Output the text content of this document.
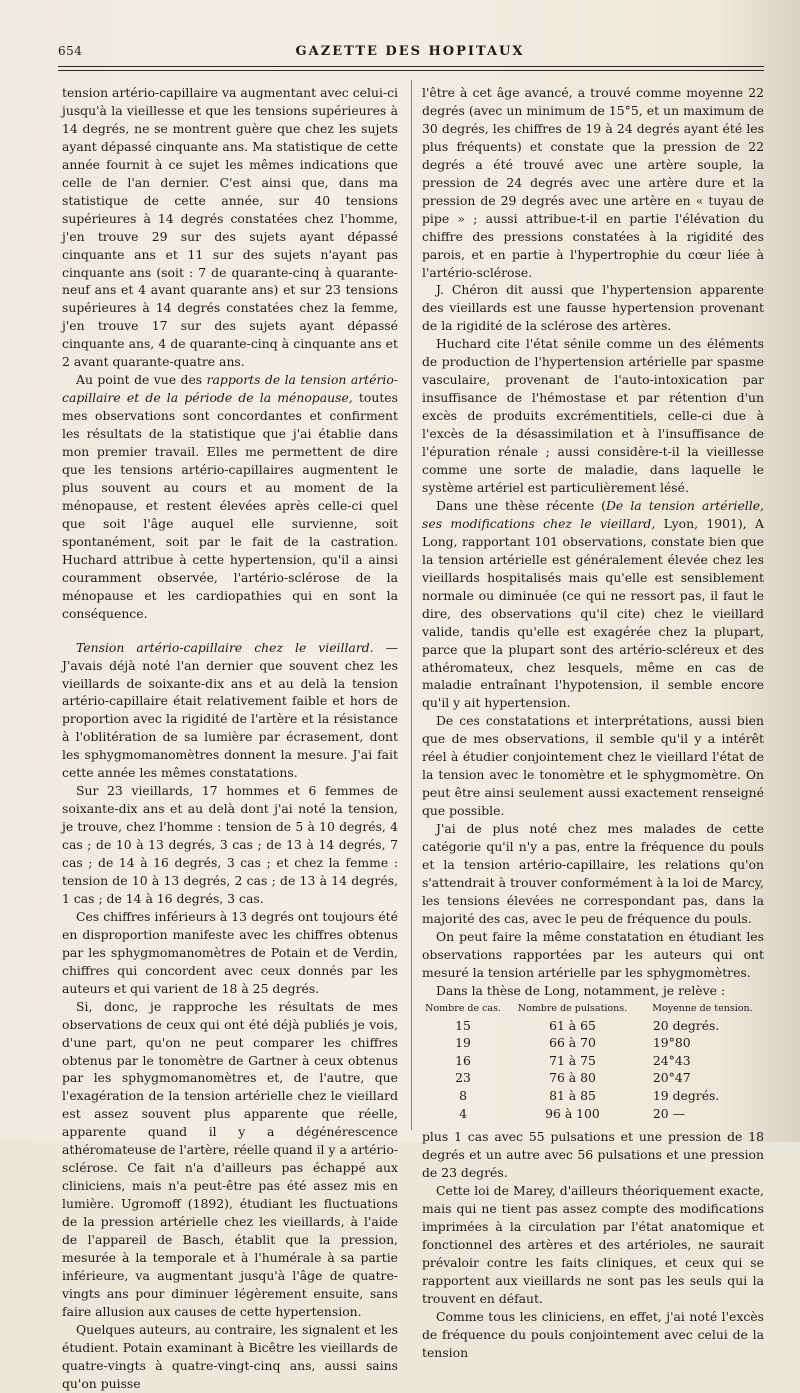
654	GAZETTE DES HOPITAUX

tension artério-capillaire va augmentant avec celui-ci jusqu'à la vieillesse et que les tensions supérieures à 14 degrés, ne se montrent guère que chez les sujets ayant dépassé cinquante ans. Ma statistique de cette année fournit à ce sujet les mêmes indications que celle de l'an dernier. C'est ainsi que, dans ma statistique de cette année, sur 40 tensions supérieures à 14 degrés constatées chez l'homme, j'en trouve 29 sur des sujets ayant dépassé cinquante ans et 11 sur des sujets n'ayant pas cinquante ans (soit : 7 de quarante-cinq à quarante-neuf ans et 4 avant quarante ans) et sur 23 tensions supérieures à 14 degrés constatées chez la femme, j'en trouve 17 sur des sujets ayant dépassé cinquante ans, 4 de quarante-cinq à cinquante ans et 2 avant quarante-quatre ans.

Au point de vue des rapports de la tension artério-capillaire et de la période de la ménopause, toutes mes observations sont concordantes et confirment les résultats de la statistique que j'ai établie dans mon premier travail. Elles me permettent de dire que les tensions artério-capillaires augmentent le plus souvent au cours et au moment de la ménopause, et restent élevées après celle-ci quel que soit l'âge auquel elle survienne, soit spontanément, soit par le fait de la castration. Huchard attribue à cette hypertension, qu'il a ainsi couramment observée, l'artério-sclérose de la ménopause et les cardiopathies qui en sont la conséquence.

Tension artério-capillaire chez le vieillard. — J'avais déjà noté l'an dernier que souvent chez les vieillards de soixante-dix ans et au delà la tension artério-capillaire était relativement faible et hors de proportion avec la rigidité de l'artère et la résistance à l'oblitération de sa lumière par écrasement, dont les sphygmomanomètres donnent la mesure. J'ai fait cette année les mêmes constatations.

Sur 23 vieillards, 17 hommes et 6 femmes de soixante-dix ans et au delà dont j'ai noté la tension, je trouve, chez l'homme : tension de 5 à 10 degrés, 4 cas ; de 10 à 13 degrés, 3 cas ; de 13 à 14 degrés, 7 cas ; de 14 à 16 degrés, 3 cas ; et chez la femme : tension de 10 à 13 degrés, 2 cas ; de 13 à 14 degrés, 1 cas ; de 14 à 16 degrés, 3 cas.

Ces chiffres inférieurs à 13 degrés ont toujours été en disproportion manifeste avec les chiffres obtenus par les sphygmomanomètres de Potain et de Verdin, chiffres qui concordent avec ceux donnés par les auteurs et qui varient de 18 à 25 degrés.

Si, donc, je rapproche les résultats de mes observations de ceux qui ont été déjà publiés je vois, d'une part, qu'on ne peut comparer les chiffres obtenus par le tonomètre de Gartner à ceux obtenus par les sphygmomanomètres et, de l'autre, que l'exagération de la tension artérielle chez le vieillard est assez souvent plus apparente que réelle, apparente quand il y a dégénérescence athéromateuse de l'artère, réelle quand il y a artério-sclérose. Ce fait n'a d'ailleurs pas échappé aux cliniciens, mais n'a peut-être pas été assez mis en lumière. Ugromoff (1892), étudiant les fluctuations de la pression artérielle chez les vieillards, à l'aide de l'appareil de Basch, établit que la pression, mesurée à la temporale et à l'humérale à sa partie inférieure, va augmentant jusqu'à l'âge de quatre-vingts ans pour diminuer légèrement ensuite, sans faire allusion aux causes de cette hypertension.

Quelques auteurs, au contraire, les signalent et les étudient. Potain examinant à Bicêtre les vieillards de quatre-vingts à quatre-vingt-cinq ans, aussi sains qu'on puisse

l'être à cet âge avancé, a trouvé comme moyenne 22 degrés (avec un minimum de 15°5, et un maximum de 30 degrés, les chiffres de 19 à 24 degrés ayant été les plus fréquents) et constate que la pression de 22 degrés a été trouvé avec une artère souple, la pression de 24 degrés avec une artère dure et la pression de 29 degrés avec une artère en « tuyau de pipe » ; aussi attribue-t-il en partie l'élévation du chiffre des pressions constatées à la rigidité des parois, et en partie à l'hypertrophie du cœur liée à l'artério-sclérose.

J. Chéron dit aussi que l'hypertension apparente des vieillards est une fausse hypertension provenant de la rigidité de la sclérose des artères.

Huchard cite l'état sénile comme un des éléments de production de l'hypertension artérielle par spasme vasculaire, provenant de l'auto-intoxication par insuffisance de l'hémostase et par rétention d'un excès de produits excrémentitiels, celle-ci due à l'excès de la désassimilation et à l'insuffisance de l'épuration rénale ; aussi considère-t-il la vieillesse comme une sorte de maladie, dans laquelle le système artériel est particulièrement lésé.

Dans une thèse récente (De la tension artérielle, ses modifications chez le vieillard, Lyon, 1901), A Long, rapportant 101 observations, constate bien que la tension artérielle est généralement élevée chez les vieillards hospitalisés mais qu'elle est sensiblement normale ou diminuée (ce qui ne ressort pas, il faut le dire, des observations qu'il cite) chez le vieillard valide, tandis qu'elle est exagérée chez la plupart, parce que la plupart sont des artério-scléreux et des athéromateux, chez lesquels, même en cas de maladie entraînant l'hypotension, il semble encore qu'il y ait hypertension.

De ces constatations et interprétations, aussi bien que de mes observations, il semble qu'il y a intérêt réel à étudier conjointement chez le vieillard l'état de la tension avec le tonomètre et le sphygmomètre. On peut être ainsi seulement aussi exactement renseigné que possible.

J'ai de plus noté chez mes malades de cette catégorie qu'il n'y a pas, entre la fréquence du pouls et la tension artério-capillaire, les relations qu'on s'attendrait à trouver conformément à la loi de Marcy, les tensions élevées ne correspondant pas, dans la majorité des cas, avec le peu de fréquence du pouls.

On peut faire la même constatation en étudiant les observations rapportées par les auteurs qui ont mesuré la tension artérielle par les sphygmomètres.

Dans la thèse de Long, notamment, je relève :

Nombre de cas.	Nombre de pulsations.	Moyenne de tension.
15	61 à 65	20 degrés.
19	66 à 70	19°80
16	71 à 75	24°43
23	76 à 80	20°47
8	81 à 85	19 degrés.
4	96 à 100	20 —

plus 1 cas avec 55 pulsations et une pression de 18 degrés et un autre avec 56 pulsations et une pression de 23 degrés.

Cette loi de Marey, d'ailleurs théoriquement exacte, mais qui ne tient pas assez compte des modifications imprimées à la circulation par l'état anatomique et fonctionnel des artères et des artérioles, ne saurait prévaloir contre les faits cliniques, et ceux qui se rapportent aux vieillards ne sont pas les seuls qui la trouvent en défaut.

Comme tous les cliniciens, en effet, j'ai noté l'excès de fréquence du pouls conjointement avec celui de la tension
